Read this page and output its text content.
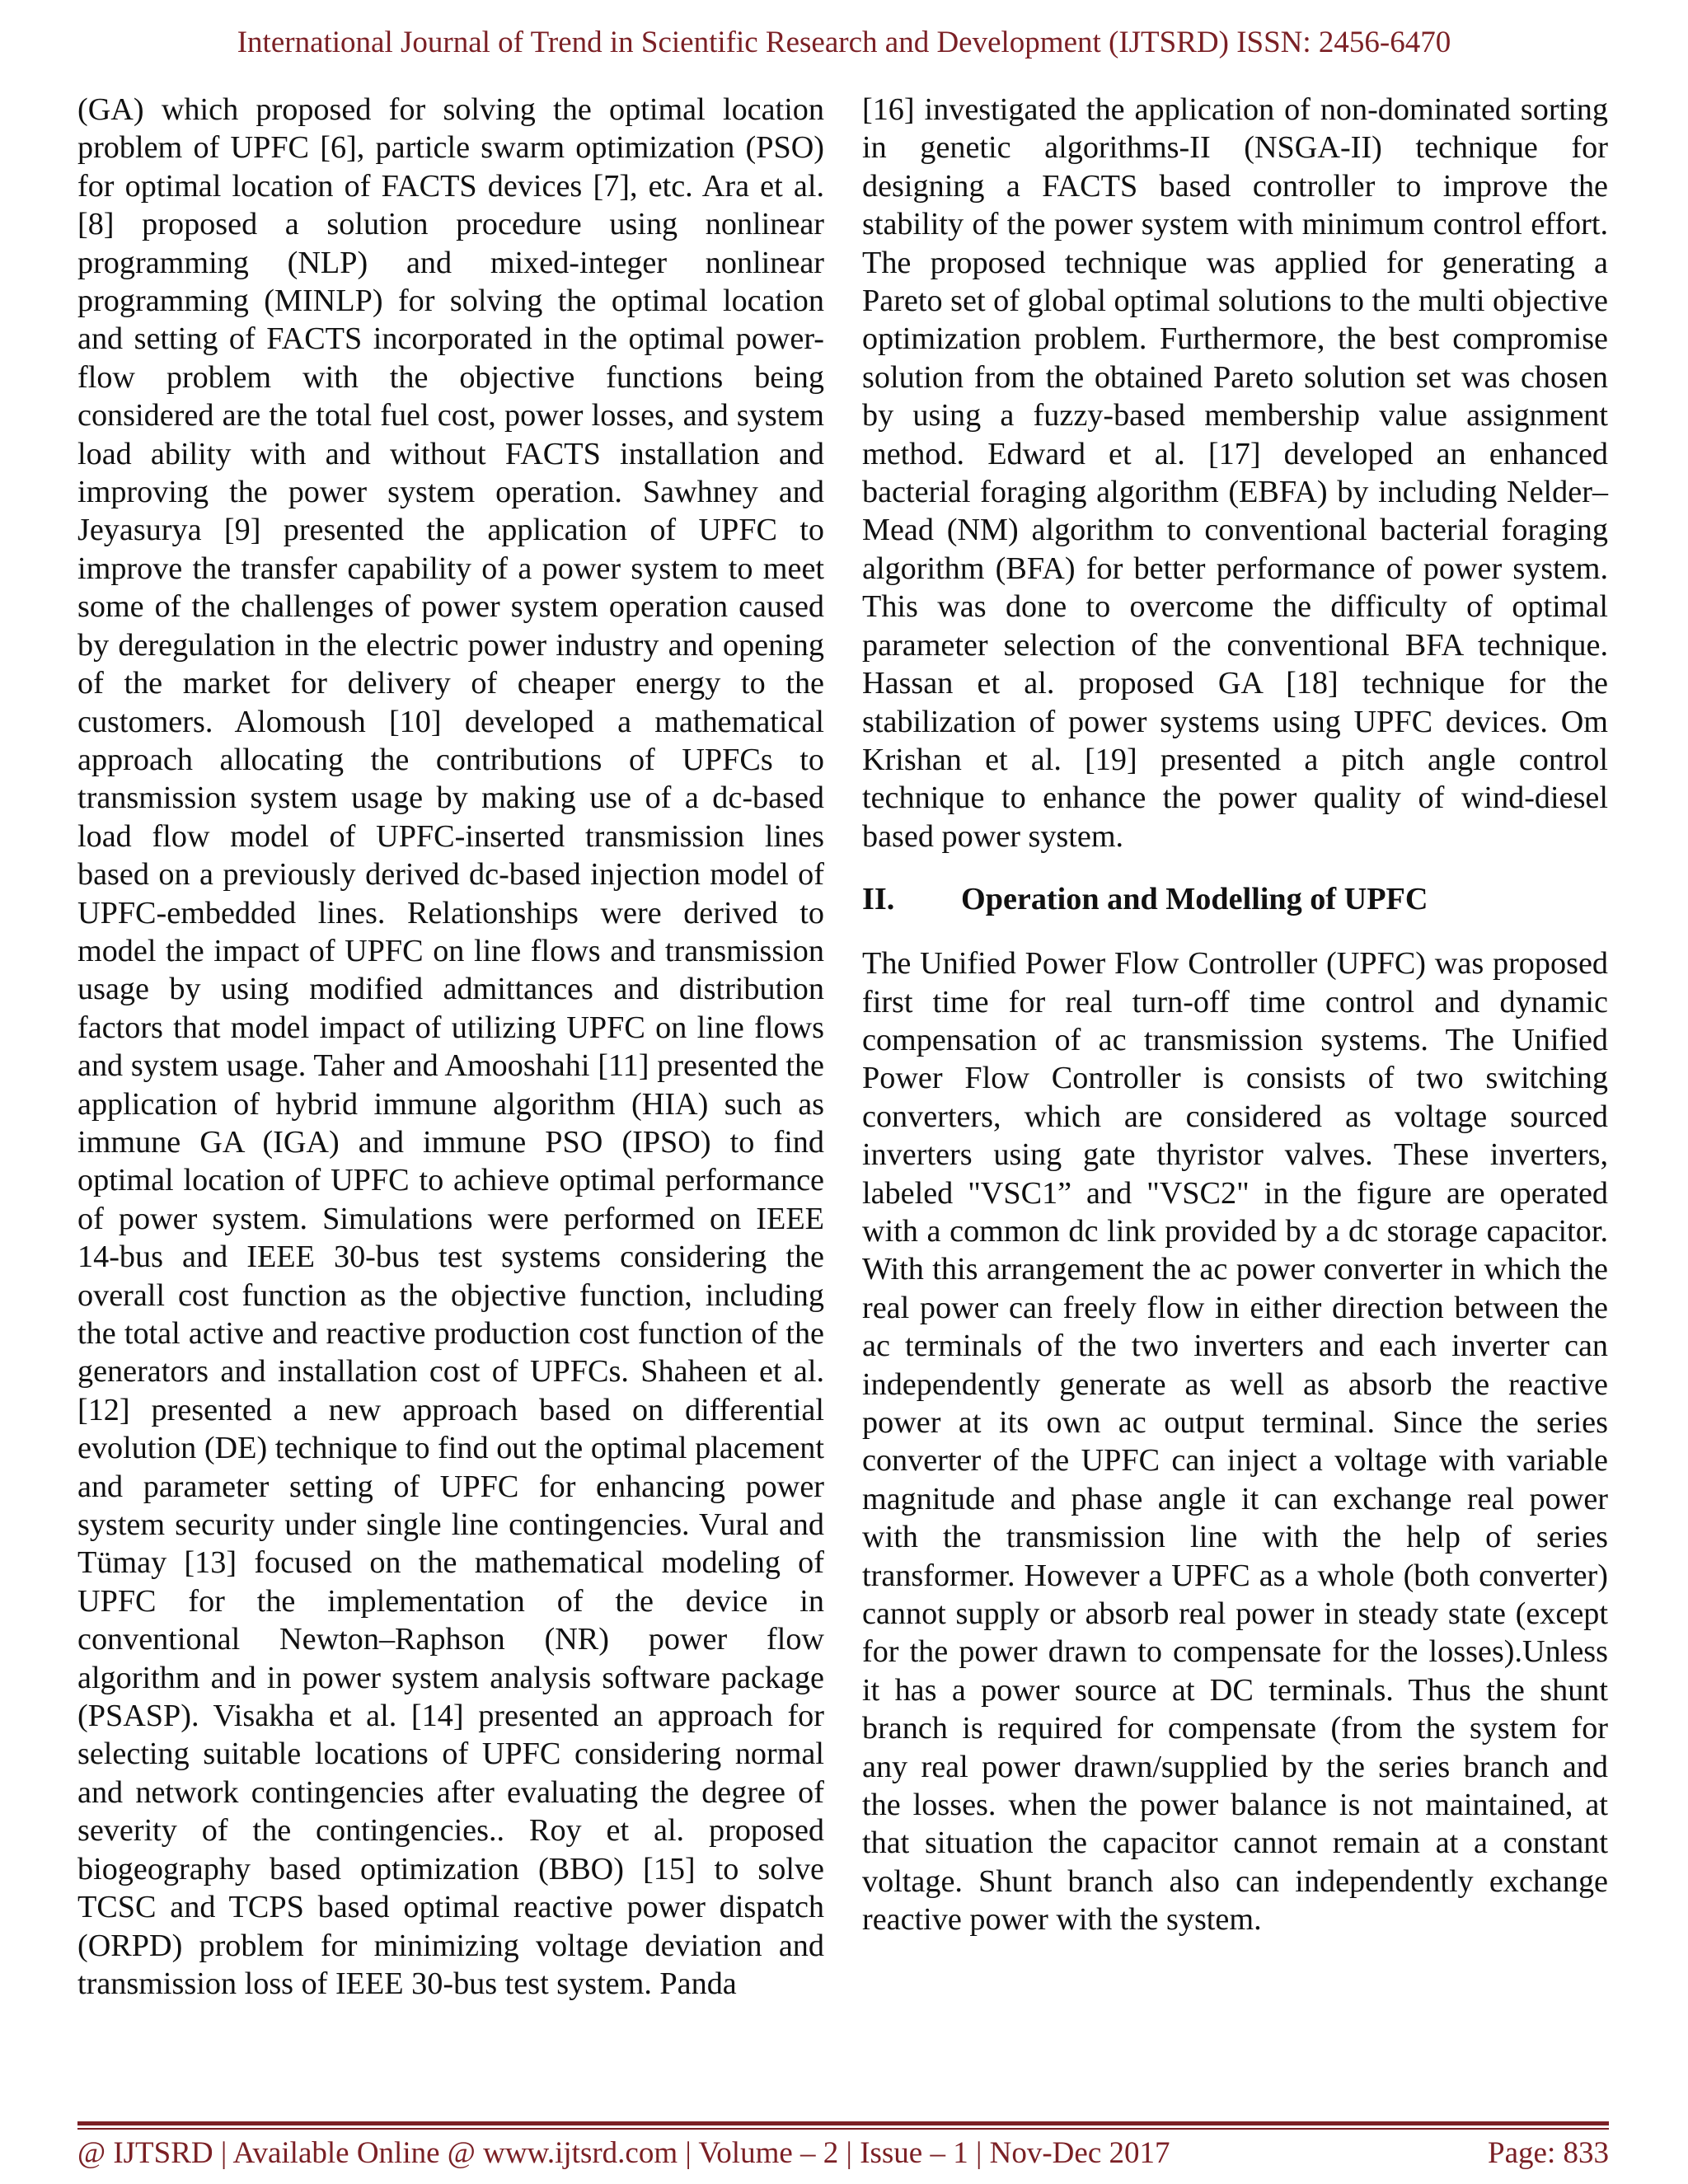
International Journal of Trend in Scientific Research and Development (IJTSRD) ISSN: 2456-6470

(GA) which proposed for solving the optimal location problem of UPFC [6], particle swarm optimization (PSO) for optimal location of FACTS devices [7], etc. Ara et al. [8] proposed a solution procedure using nonlinear programming (NLP) and mixed-integer nonlinear programming (MINLP) for solving the optimal location and setting of FACTS incorporated in the optimal power-flow problem with the objective functions being considered are the total fuel cost, power losses, and system load ability with and without FACTS installation and improving the power system operation. Sawhney and Jeyasurya [9] presented the application of UPFC to improve the transfer capability of a power system to meet some of the challenges of power system operation caused by deregulation in the electric power industry and opening of the market for delivery of cheaper energy to the customers. Alomoush [10] developed a mathematical approach allocating the contributions of UPFCs to transmission system usage by making use of a dc-based load flow model of UPFC-inserted transmission lines based on a previously derived dc-based injection model of UPFC-embedded lines. Relationships were derived to model the impact of UPFC on line flows and transmission usage by using modified admittances and distribution factors that model impact of utilizing UPFC on line flows and system usage. Taher and Amooshahi [11] presented the application of hybrid immune algorithm (HIA) such as immune GA (IGA) and immune PSO (IPSO) to find optimal location of UPFC to achieve optimal performance of power system. Simulations were performed on IEEE 14-bus and IEEE 30-bus test systems considering the overall cost function as the objective function, including the total active and reactive production cost function of the generators and installation cost of UPFCs. Shaheen et al. [12] presented a new approach based on differential evolution (DE) technique to find out the optimal placement and parameter setting of UPFC for enhancing power system security under single line contingencies. Vural and Tümay [13] focused on the mathematical modeling of UPFC for the implementation of the device in conventional Newton–Raphson (NR) power flow algorithm and in power system analysis software package (PSASP). Visakha et al. [14] presented an approach for selecting suitable locations of UPFC considering normal and network contingencies after evaluating the degree of severity of the contingencies.. Roy et al. proposed biogeography based optimization (BBO) [15] to solve TCSC and TCPS based optimal reactive power dispatch (ORPD) problem for minimizing voltage deviation and transmission loss of IEEE 30-bus test system. Panda

[16] investigated the application of non-dominated sorting in genetic algorithms-II (NSGA-II) technique for designing a FACTS based controller to improve the stability of the power system with minimum control effort. The proposed technique was applied for generating a Pareto set of global optimal solutions to the multi objective optimization problem. Furthermore, the best compromise solution from the obtained Pareto solution set was chosen by using a fuzzy-based membership value assignment method. Edward et al. [17] developed an enhanced bacterial foraging algorithm (EBFA) by including Nelder–Mead (NM) algorithm to conventional bacterial foraging algorithm (BFA) for better performance of power system. This was done to overcome the difficulty of optimal parameter selection of the conventional BFA technique. Hassan et al. proposed GA [18] technique for the stabilization of power systems using UPFC devices. Om Krishan et al. [19] presented a pitch angle control technique to enhance the power quality of wind-diesel based power system.

II.	Operation and Modelling of UPFC

The Unified Power Flow Controller (UPFC) was proposed first time for real turn-off time control and dynamic compensation of ac transmission systems. The Unified Power Flow Controller is consists of two switching converters, which are considered as voltage sourced inverters using gate thyristor valves. These inverters, labeled "VSC1” and "VSC2" in the figure are operated with a common dc link provided by a dc storage capacitor. With this arrangement the ac power converter in which the real power can freely flow in either direction between the ac terminals of the two inverters and each inverter can independently generate as well as absorb the reactive power at its own ac output terminal. Since the series converter of the UPFC can inject a voltage with variable magnitude and phase angle it can exchange real power with the transmission line with the help of series transformer. However a UPFC as a whole (both converter) cannot supply or absorb real power in steady state (except for the power drawn to compensate for the losses).Unless it has a power source at DC terminals. Thus the shunt branch is required for compensate (from the system for any real power drawn/supplied by the series branch and the losses. when the power balance is not maintained, at that situation the capacitor cannot remain at a constant voltage. Shunt branch also can independently exchange reactive power with the system.

@ IJTSRD | Available Online @ www.ijtsrd.com | Volume – 2 | Issue – 1 | Nov-Dec 2017	Page: 833
